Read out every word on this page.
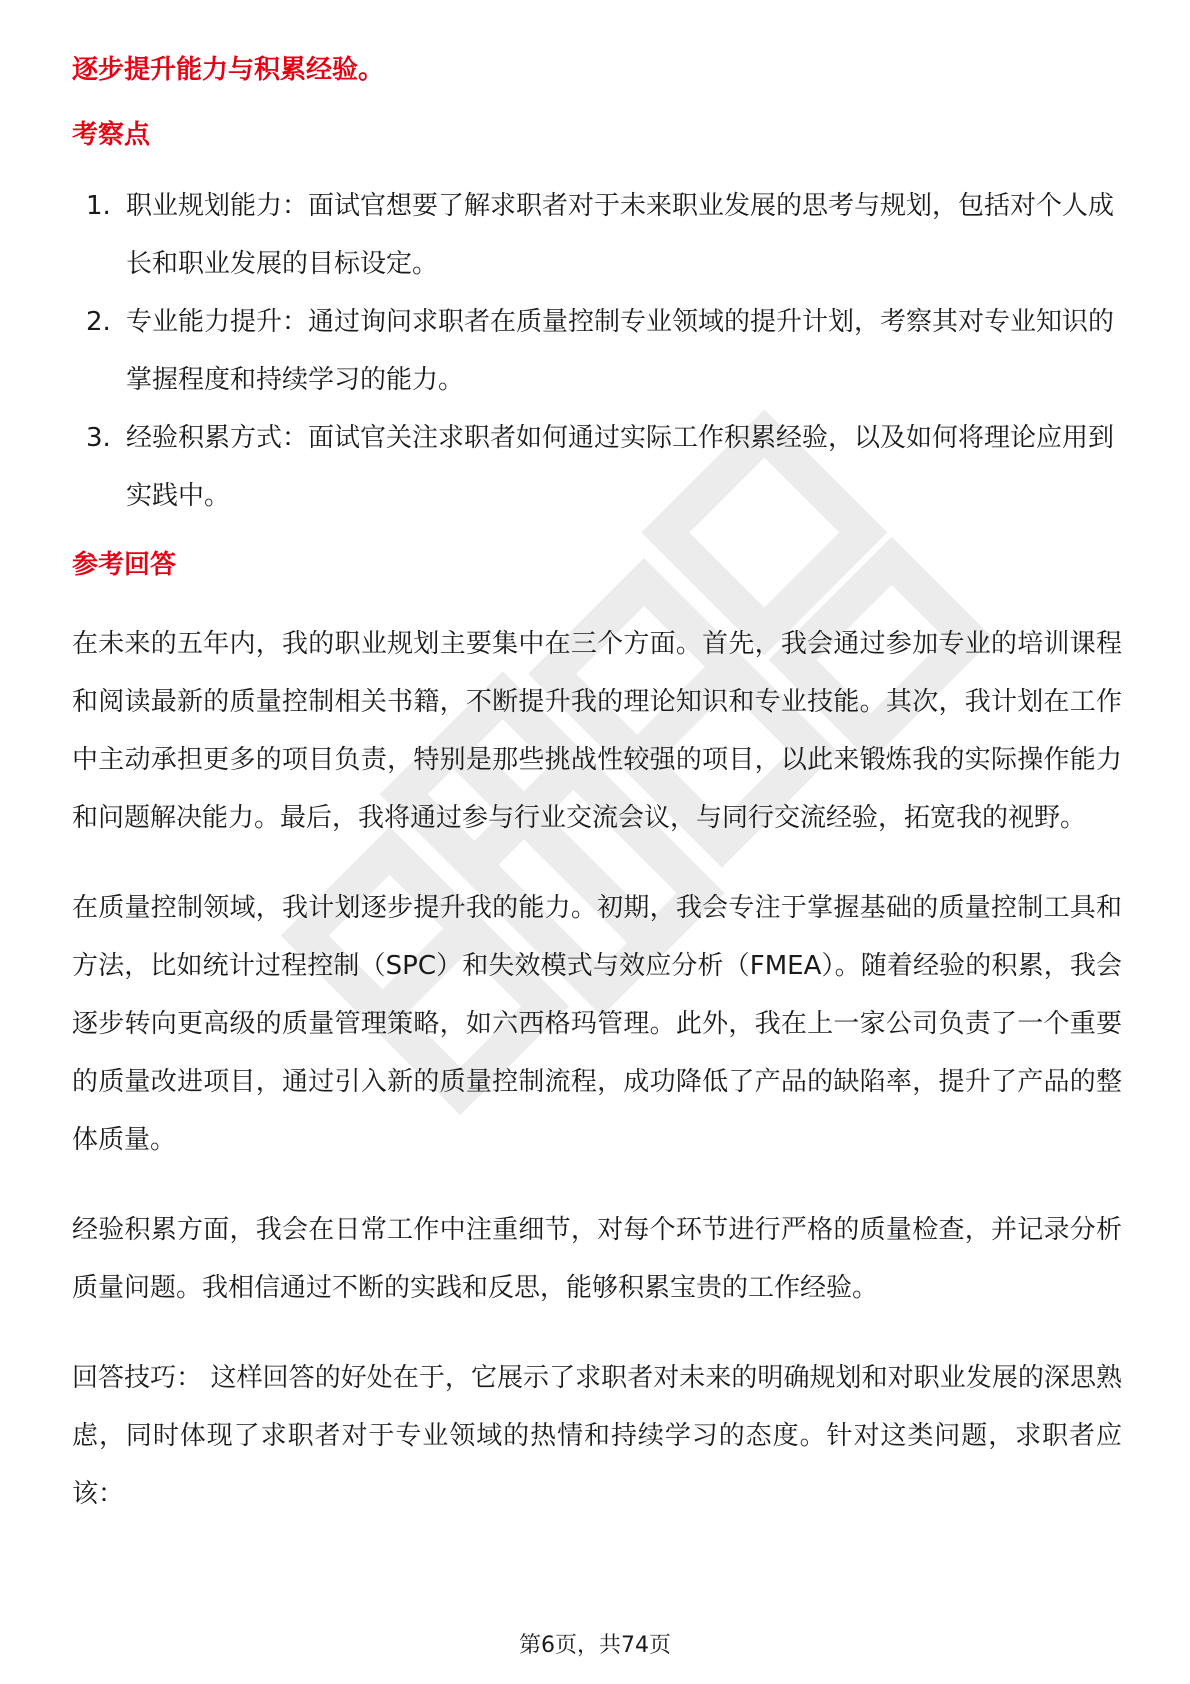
逐步提升能力与积累经验。

考察点

1. 职业规划能力：面试官想要了解求职者对于未来职业发展的思考与规划，包括对个人成长和职业发展的目标设定。
2. 专业能力提升：通过询问求职者在质量控制专业领域的提升计划，考察其对专业知识的掌握程度和持续学习的能力。
3. 经验积累方式：面试官关注求职者如何通过实际工作积累经验，以及如何将理论应用到实践中。

参考回答

在未来的五年内，我的职业规划主要集中在三个方面。首先，我会通过参加专业的培训课程和阅读最新的质量控制相关书籍，不断提升我的理论知识和专业技能。其次，我计划在工作中主动承担更多的项目负责，特别是那些挑战性较强的项目，以此来锻炼我的实际操作能力和问题解决能力。最后，我将通过参与行业交流会议，与同行交流经验，拓宽我的视野。

在质量控制领域，我计划逐步提升我的能力。初期，我会专注于掌握基础的质量控制工具和方法，比如统计过程控制（SPC）和失效模式与效应分析（FMEA）。随着经验的积累，我会逐步转向更高级的质量管理策略，如六西格玛管理。此外，我在上一家公司负责了一个重要的质量改进项目，通过引入新的质量控制流程，成功降低了产品的缺陷率，提升了产品的整体质量。

经验积累方面，我会在日常工作中注重细节，对每个环节进行严格的质量检查，并记录分析质量问题。我相信通过不断的实践和反思，能够积累宝贵的工作经验。

回答技巧： 这样回答的好处在于，它展示了求职者对未来的明确规划和对职业发展的深思熟虑，同时体现了求职者对于专业领域的热情和持续学习的态度。针对这类问题，求职者应该：

第6页，共74页
